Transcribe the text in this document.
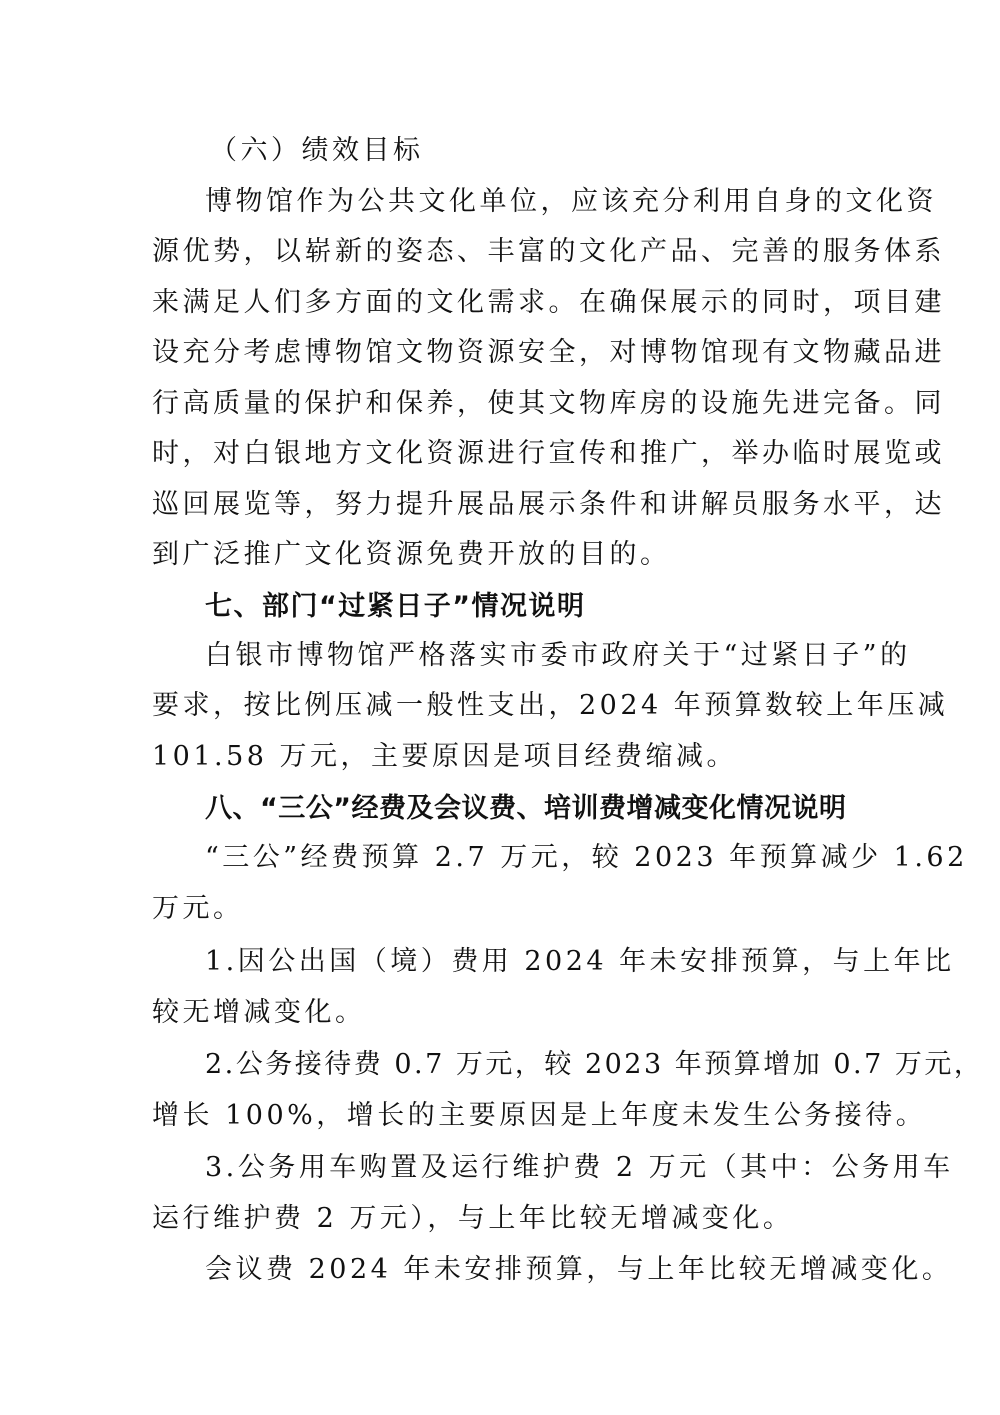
（六）绩效目标
博物馆作为公共文化单位，应该充分利用自身的文化资
源优势，以崭新的姿态、丰富的文化产品、完善的服务体系
来满足人们多方面的文化需求。在确保展示的同时，项目建
设充分考虑博物馆文物资源安全，对博物馆现有文物藏品进
行高质量的保护和保养，使其文物库房的设施先进完备。同
时，对白银地方文化资源进行宣传和推广，举办临时展览或
巡回展览等，努力提升展品展示条件和讲解员服务水平，达
到广泛推广文化资源免费开放的目的。
七、部门“过紧日子”情况说明
白银市博物馆严格落实市委市政府关于“过紧日子”的
要求，按比例压减一般性支出，2024 年预算数较上年压减
101.58 万元，主要原因是项目经费缩减。
八、“三公”经费及会议费、培训费增减变化情况说明
“三公”经费预算 2.7 万元，较 2023 年预算减少 1.62
万元。
1.因公出国（境）费用 2024 年未安排预算，与上年比
较无增减变化。
2.公务接待费 0.7 万元，较 2023 年预算增加 0.7 万元，
增长 100%，增长的主要原因是上年度未发生公务接待。
3.公务用车购置及运行维护费 2 万元（其中：公务用车
运行维护费 2 万元），与上年比较无增减变化。
会议费 2024 年未安排预算，与上年比较无增减变化。
